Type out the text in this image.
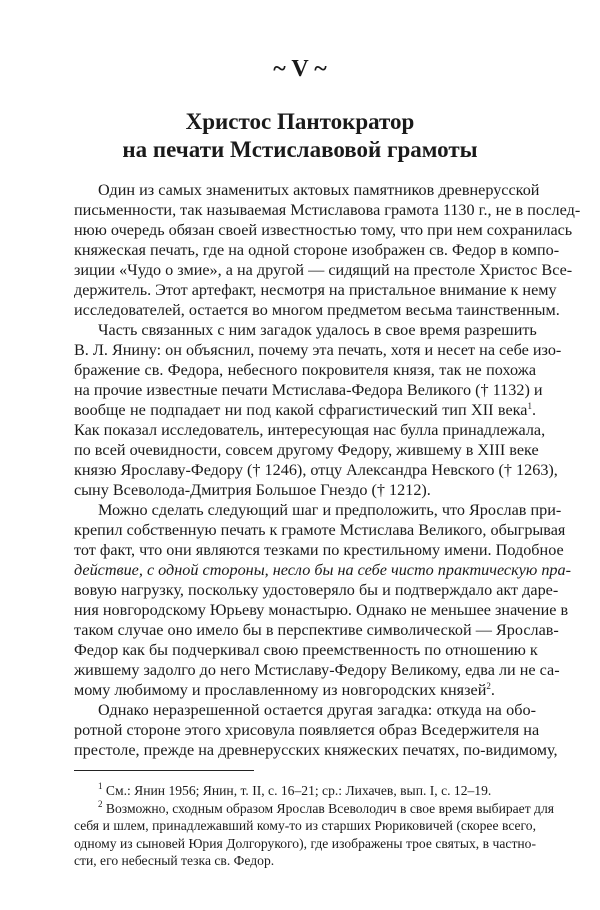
~ V ~
Христос Пантократор
на печати Мстиславовой грамоты
Один из самых знаменитых актовых памятников древнерусской
письменности, так называемая Мстиславова грамота 1130 г., не в послед-
нюю очередь обязан своей известностью тому, что при нем сохранилась
княжеская печать, где на одной стороне изображен св. Федор в компо-
зиции «Чудо о змие», а на другой — сидящий на престоле Христос Все-
держитель. Этот артефакт, несмотря на пристальное внимание к нему
исследователей, остается во многом предметом весьма таинственным.
Часть связанных с ним загадок удалось в свое время разрешить
В. Л. Янину: он объяснил, почему эта печать, хотя и несет на себе изо-
бражение св. Федора, небесного покровителя князя, так не похожа
на прочие известные печати Мстислава-Федора Великого († 1132) и
вообще не подпадает ни под какой сфрагистический тип XII века$^1$.
Как показал исследователь, интересующая нас булла принадлежала,
по всей очевидности, совсем другому Федору, жившему в XIII веке
князю Ярославу-Федору († 1246), отцу Александра Невского († 1263),
сыну Всеволода-Дмитрия Большое Гнездо († 1212).
Можно сделать следующий шаг и предположить, что Ярослав при-
крепил собственную печать к грамоте Мстислава Великого, обыгрывая
тот факт, что они являются тезками по крестильному имени. Подобное
действие, с одной стороны, несло бы на себе чисто практическую пра-
вовую нагрузку, поскольку удостоверяло бы и подтверждало акт даре-
ния новгородскому Юрьеву монастырю. Однако не меньшее значение в
таком случае оно имело бы в перспективе символической — Ярослав-
Федор как бы подчеркивал свою преемственность по отношению к
жившему задолго до него Мстиславу-Федору Великому, едва ли не са-
мому любимому и прославленному из новгородских князей$^2$.
Однако неразрешенной остается другая загадка: откуда на обо-
ротной стороне этого хрисовула появляется образ Вседержителя на
престоле, прежде на древнерусских княжеских печатях, по-видимому,
$^1$ См.: Янин 1956; Янин, т. II, с. 16–21; ср.: Лихачев, вып. I, с. 12–19.
$^2$ Возможно, сходным образом Ярослав Всеволодич в свое время выбирает для
себя и шлем, принадлежавший кому-то из старших Рюриковичей (скорее всего,
одному из сыновей Юрия Долгорукого), где изображены трое святых, в частно-
сти, его небесный тезка св. Федор.
